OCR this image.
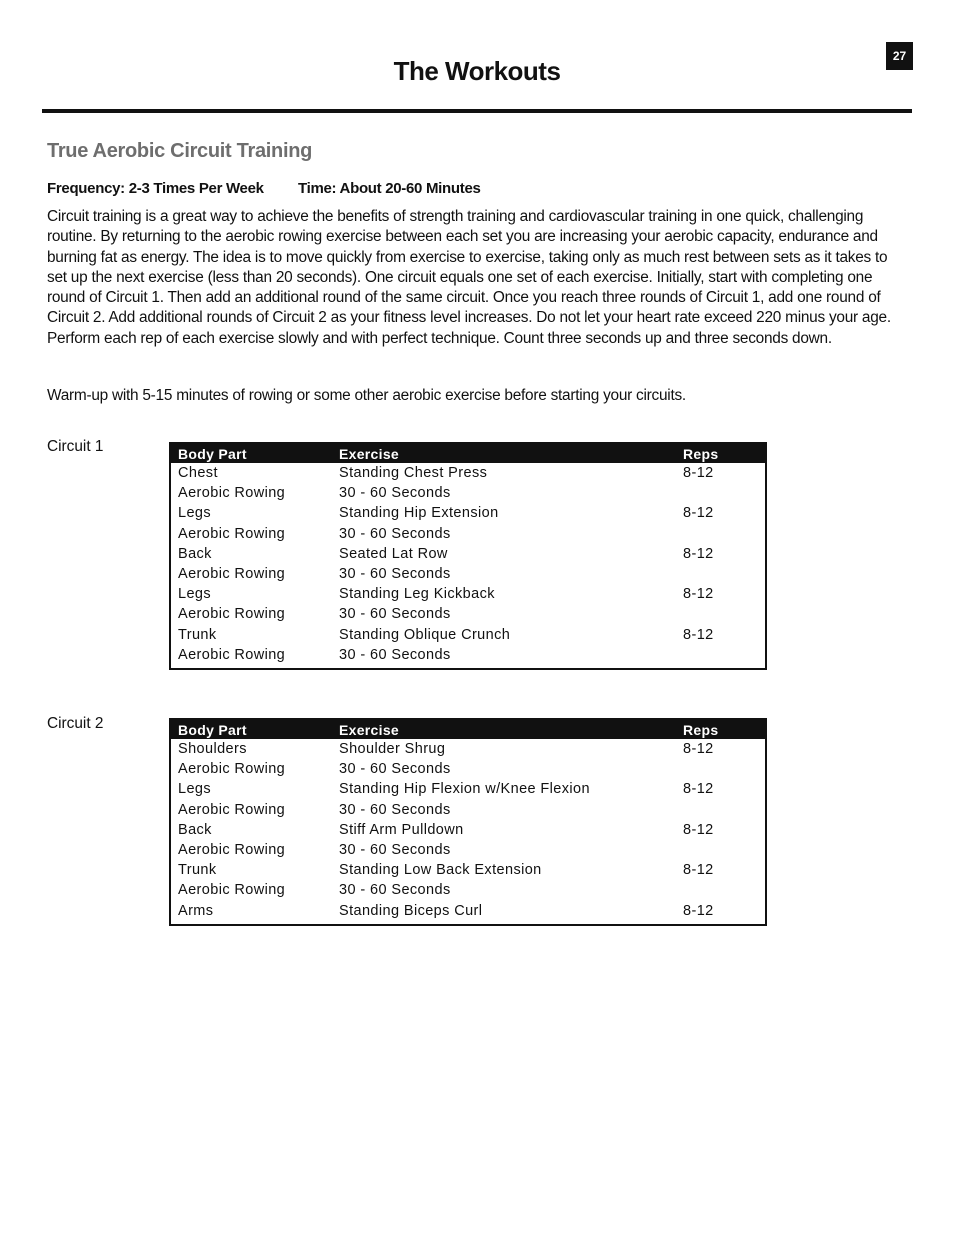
27
The Workouts
True Aerobic Circuit Training
Frequency: 2-3 Times Per Week Time: About 20-60 Minutes

Circuit training is a great way to achieve the benefits of strength training and cardiovascular training in one quick, challenging routine. By returning to the aerobic rowing exercise between each set you are increasing your aerobic capacity, endurance and burning fat as energy. The idea is to move quickly from exercise to exercise, taking only as much rest between sets as it takes to set up the next exercise (less than 20 seconds). One circuit equals one set of each exercise. Initially, start with completing one round of Circuit 1. Then add an additional round of the same circuit. Once you reach three rounds of Circuit 1, add one round of Circuit 2. Add additional rounds of Circuit 2 as your fitness level increases. Do not let your heart rate exceed 220 minus your age. Perform each rep of each exercise slowly and with perfect technique. Count three seconds up and three seconds down.

Warm-up with 5-15 minutes of rowing or some other aerobic exercise before starting your circuits.

Circuit 1	Body Part	Exercise	Reps
Chest	Standing Chest Press	8-12
Aerobic Rowing	30 - 60 Seconds
Legs	Standing Hip Extension	8-12
Aerobic Rowing	30 - 60 Seconds
Back	Seated Lat Row	8-12
Aerobic Rowing	30 - 60 Seconds
Legs	Standing Leg Kickback	8-12
Aerobic Rowing	30 - 60 Seconds
Trunk	Standing Oblique Crunch	8-12
Aerobic Rowing	30 - 60 Seconds
Circuit 2	Body Part	Exercise	Reps
Shoulders	Shoulder Shrug	8-12
Aerobic Rowing	30 - 60 Seconds
Legs	Standing Hip Flexion w/Knee Flexion	8-12
Aerobic Rowing	30 - 60 Seconds
Back	Stiff Arm Pulldown	8-12
Aerobic Rowing	30 - 60 Seconds
Trunk	Standing Low Back Extension	8-12
Aerobic Rowing	30 - 60 Seconds
Arms	Standing Biceps Curl	8-12
